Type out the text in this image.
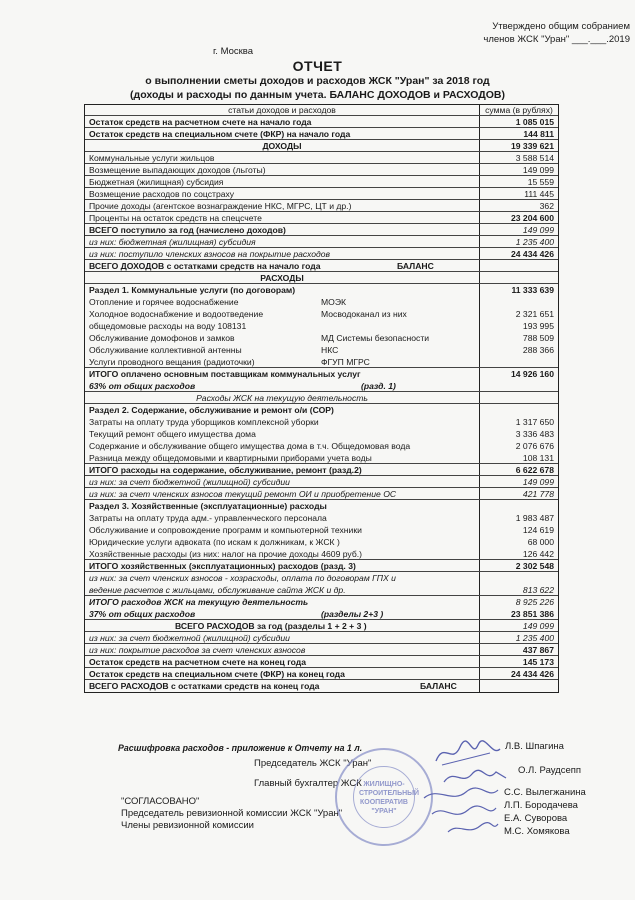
Утверждено общим собранием
членов ЖСК "Уран" ___.___.2019
г. Москва
ОТЧЕТ
о выполнении сметы доходов и расходов ЖСК "Уран" за 2018 год
(доходы и расходы по данным учета. БАЛАНС ДОХОДОВ и РАСХОДОВ)
статьи доходов и расходов	сумма (в рублях)
Остаток средств на расчетном счете на начало года	1 085 015
Остаток средств на специальном счете (ФКР) на начало года	144 811
ДОХОДЫ	19 339 621
Коммунальные услуги жильцов	3 588 514
Возмещение выпадающих доходов (льготы)	149 099
Бюджетная (жилищная) субсидия	15 559
Возмещение расходов по соцстраху	111 445
Прочие доходы (агентское вознаграждение НКС, МГРС, ЦТ и др.)	362
Проценты на остаток средств на спецсчете	23 204 600
ВСЕГО поступило за год (начислено доходов)	149 099
из них: бюджетная (жилищная) субсидия	1 235 400
из них: поступило членских взносов на покрытие расходов	24 434 426
ВСЕГО ДОХОДОВ с остатками средств на начало года	БАЛАНС
РАСХОДЫ
Раздел 1. Коммунальные услуги (по договорам)	11 333 639
Отопление и горячее водоснабжение	МОЭК
Холодное водоснабжение и водоотведение	Мосводоканал из них	2 321 651
общедомовые расходы на воду 108131	193 995
Обслуживание домофонов и замков	МД Системы безопасности	788 509
Обслуживание коллективной антенны	НКС	288 366
Услуги проводного вещания (радиоточки)	ФГУП МГРС
ИТОГО оплачено основным поставщикам коммунальных услуг	14 926 160
63% от общих расходов	(разд. 1)
Расходы ЖСК на текущую деятельность
Раздел 2. Содержание, обслуживание и ремонт о/и (СОР)
Затраты на оплату труда уборщиков комплексной уборки	1 317 650
Текущий ремонт общего имущества дома	3 336 483
Содержание и обслуживание общего имущества дома в т.ч. Общедомовая вода	2 076 676
Разница между общедомовыми и квартирными приборами учета воды	108 131
ИТОГО расходы на содержание, обслуживание, ремонт (разд.2)	6 622 678
из них: за счет бюджетной (жилищной) субсидии	149 099
из них: за счет членских взносов текущий ремонт ОИ и приобретение ОС	421 778
Раздел 3. Хозяйственные (эксплуатационные) расходы
Затраты на оплату труда адм.- управленческого персонала	1 983 487
Обслуживание и сопровождение программ и компьютерной техники	124 619
Юридические услуги адвоката (по искам к должникам, к ЖСК )	68 000
Хозяйственные расходы (из них: налог на прочие доходы 4609 руб.)	126 442
ИТОГО хозяйственных (эксплуатационных) расходов (разд. 3)	2 302 548
из них: за счет членских взносов - хозрасходы, оплата по договорам ГПХ и
ведение расчетов с жильцами, обслуживание сайта ЖСК и др.	813 622
ИТОГО расходов ЖСК на текущую деятельность	8 925 226
37% от общих расходов	(разделы 2+3 )	23 851 386
ВСЕГО РАСХОДОВ за год (разделы 1 + 2 + 3 )	149 099
из них: за счет бюджетной (жилищной) субсидии	1 235 400
из них: покрытие расходов за счет членских взносов	437 867
Остаток средств на расчетном счете на конец года	145 173
Остаток средств на специальном счете (ФКР) на конец года	24 434 426
ВСЕГО РАСХОДОВ с остатками средств на конец года	БАЛАНС
Расшифровка расходов - приложение к Отчету на 1 л.
Председатель ЖСК "Уран"
Л.В. Шпагина
О.Л. Раудсепп
Главный бухгалтер ЖСК
"СОГЛАСОВАНО"
Председатель ревизионной комиссии ЖСК "Уран"
Члены ревизионной комиссии
С.С. Вылегжанина
Л.П. Бородачева
Е.А. Суворова
М.С. Хомякова
ЖИЛИЩНО-СТРОИТЕЛЬНЫЙ КООПЕРАТИВ "УРАН"
